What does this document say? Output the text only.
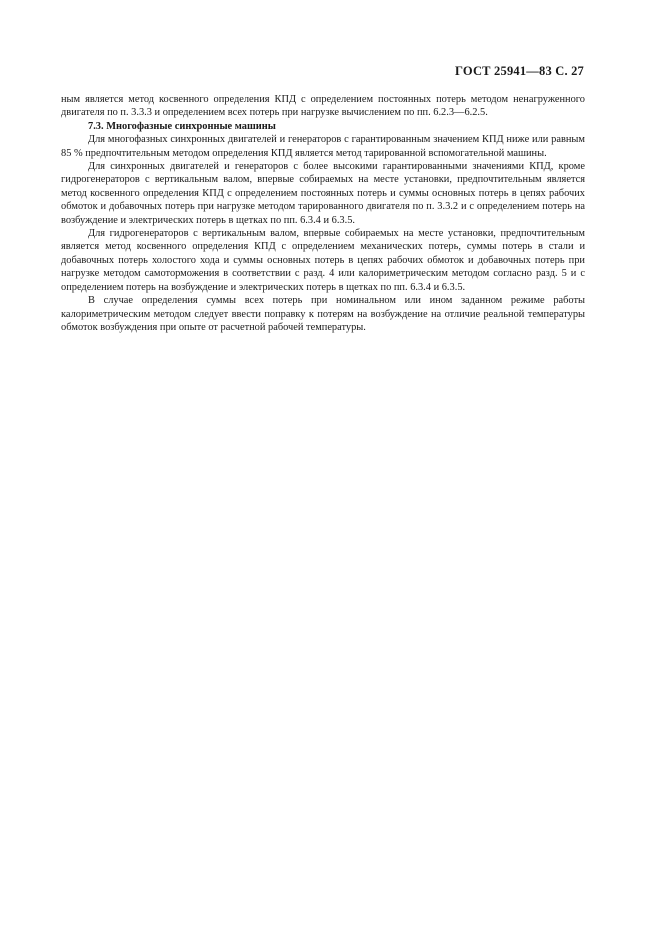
ГОСТ 25941—83 С. 27

ным является метод косвенного определения КПД с определением постоянных потерь методом ненагруженного двигателя по п. 3.3.3 и определением всех потерь при нагрузке вычислением по пп. 6.2.3—6.2.5.

7.3. Многофазные синхронные машины

Для многофазных синхронных двигателей и генераторов с гарантированным значением КПД ниже или равным 85 % предпочтительным методом определения КПД является метод тарированной вспомогательной машины.

Для синхронных двигателей и генераторов с более высокими гарантированными значениями КПД, кроме гидрогенераторов с вертикальным валом, впервые собираемых на месте установки, предпочтительным является метод косвенного определения КПД с определением постоянных потерь и суммы основных потерь в цепях рабочих обмоток и добавочных потерь при нагрузке методом тарированного двигателя по п. 3.3.2 и с определением потерь на возбуждение и электрических потерь в щетках по пп. 6.3.4 и 6.3.5.

Для гидрогенераторов с вертикальным валом, впервые собираемых на месте установки, предпочтительным является метод косвенного определения КПД с определением механических потерь, суммы потерь в стали и добавочных потерь холостого хода и суммы основных потерь в цепях рабочих обмоток и добавочных потерь при нагрузке методом самоторможения в соответствии с разд. 4 или калориметрическим методом согласно разд. 5 и с определением потерь на возбуждение и электрических потерь в щетках по пп. 6.3.4 и 6.3.5.

В случае определения суммы всех потерь при номинальном или ином заданном режиме работы калориметрическим методом следует ввести поправку к потерям на возбуждение на отличие реальной температуры обмоток возбуждения при опыте от расчетной рабочей температуры.
